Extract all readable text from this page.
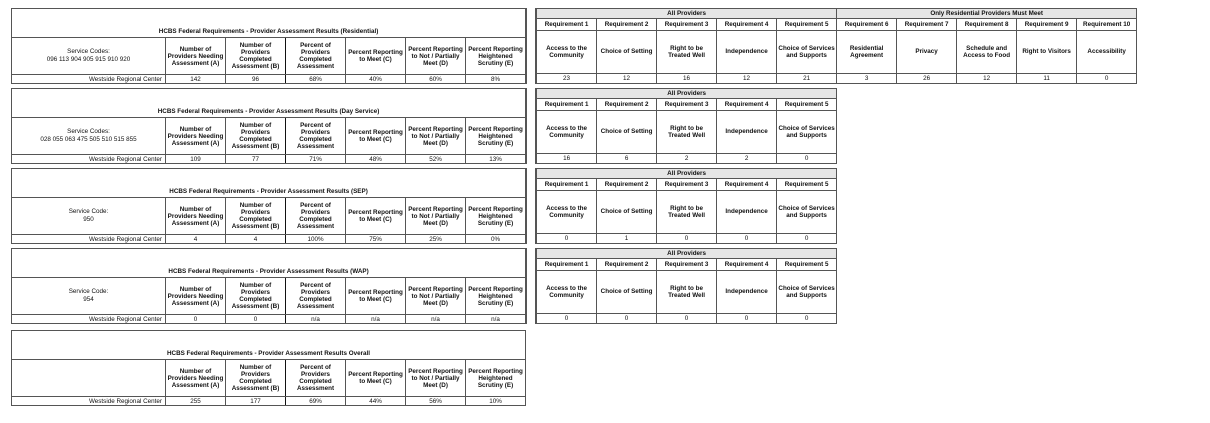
HCBS Federal Requirements - Provider Assessment Results (Residential)						

Service Codes:
096 113 904 905 915 910 920	Number of Providers Needing Assessment (A)	Number of Providers Completed Assessment (B)	Percent of Providers Completed Assessment	Percent Reporting to Meet (C)	Percent Reporting to Not / Partially Meet (D)	Percent Reporting Heightened Scrutiny (E)
Westside Regional Center	142	96	68%	40%	60%	8%
All Providers					Only Residential Providers Must Meet				
Requirement 1	Requirement 2	Requirement 3	Requirement 4	Requirement 5	Requirement 6	Requirement 7	Requirement 8	Requirement 9	Requirement 10
Access to the Community	Choice of Setting	Right to be Treated Well	Independence	Choice of Services and Supports	Residential Agreement	Privacy	Schedule and Access to Food	Right to Visitors	Accessibility
23	12	16	12	21	3	26	12	11	0
HCBS Federal Requirements - Provider Assessment Results (Day Service)						

Service Codes:
028 055 063 475 505 510 515 855	Number of Providers Needing Assessment (A)	Number of Providers Completed Assessment (B)	Percent of Providers Completed Assessment	Percent Reporting to Meet (C)	Percent Reporting to Not / Partially Meet (D)	Percent Reporting Heightened Scrutiny (E)
Westside Regional Center	109	77	71%	48%	52%	13%
All Providers				
Requirement 1	Requirement 2	Requirement 3	Requirement 4	Requirement 5
Access to the Community	Choice of Setting	Right to be Treated Well	Independence	Choice of Services and Supports
16	6	2	2	0
HCBS Federal Requirements - Provider Assessment Results (SEP)						

Service Code:
950	Number of Providers Needing Assessment (A)	Number of Providers Completed Assessment (B)	Percent of Providers Completed Assessment	Percent Reporting to Meet (C)	Percent Reporting to Not / Partially Meet (D)	Percent Reporting Heightened Scrutiny (E)
Westside Regional Center	4	4	100%	75%	25%	0%
All Providers				
Requirement 1	Requirement 2	Requirement 3	Requirement 4	Requirement 5
Access to the Community	Choice of Setting	Right to be Treated Well	Independence	Choice of Services and Supports
0	1	0	0	0
HCBS Federal Requirements - Provider Assessment Results (WAP)						

Service Code:
954	Number of Providers Needing Assessment (A)	Number of Providers Completed Assessment (B)	Percent of Providers Completed Assessment	Percent Reporting to Meet (C)	Percent Reporting to Not / Partially Meet (D)	Percent Reporting Heightened Scrutiny (E)
Westside Regional Center	0	0	n/a	n/a	n/a	n/a
All Providers				
Requirement 1	Requirement 2	Requirement 3	Requirement 4	Requirement 5
Access to the Community	Choice of Setting	Right to be Treated Well	Independence	Choice of Services and Supports
0	0	0	0	0
HCBS Federal Requirements - Provider Assessment Results Overall						

	Number of Providers Needing Assessment (A)	Number of Providers Completed Assessment (B)	Percent of Providers Completed Assessment	Percent Reporting to Meet (C)	Percent Reporting to Not / Partially Meet (D)	Percent Reporting Heightened Scrutiny (E)
Westside Regional Center	255	177	69%	44%	56%	10%
